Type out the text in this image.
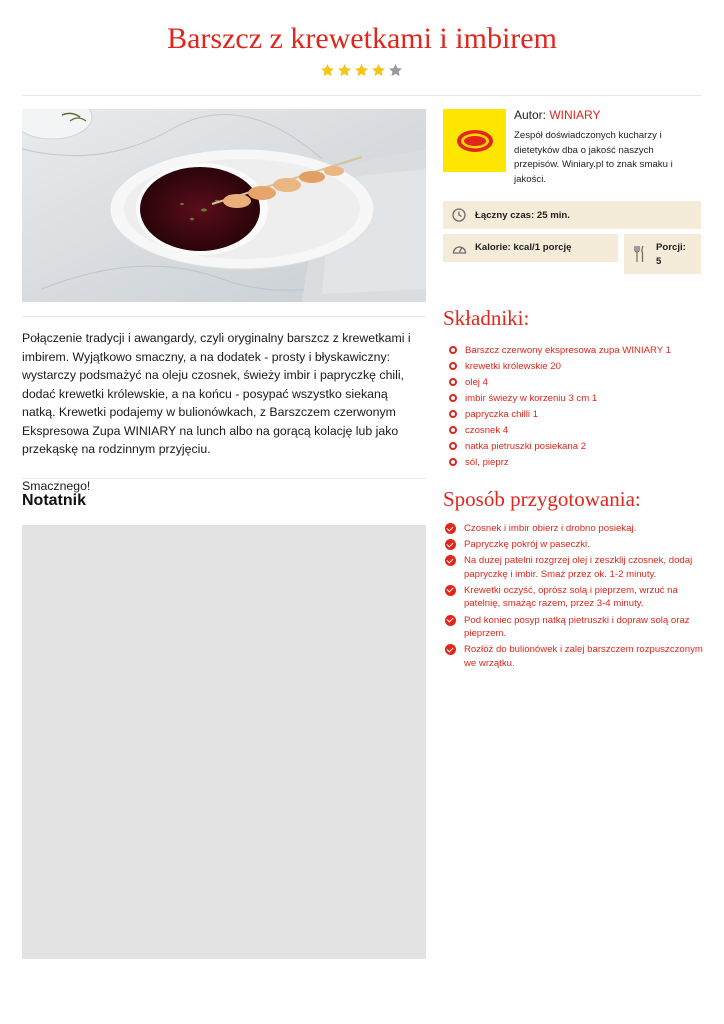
Barszcz z krewetkami i imbirem

Połączenie tradycji i awangardy, czyli oryginalny barszcz z krewetkami i imbirem. Wyjątkowo smaczny, a na dodatek - prosty i błyskawiczny: wystarczy podsmażyć na oleju czosnek, świeży imbir i papryczkę chili, dodać krewetki królewskie, a na końcu - posypać wszystko siekaną natką. Krewetki podajemy w bulionówkach, z Barszczem czerwonym Ekspresowa Zupa WINIARY na lunch albo na gorącą kolację lub jako przekąskę na rodzinnym przyjęciu.

Smacznego!

Notatnik
Autor: WINIARY
Zespół doświadczonych kucharzy i dietetyków dba o jakość naszych przepisów. Winiary.pl to znak smaku i jakości.
Łączny czas: 25 min.
Kalorie: kcal/1 porcję	Porcji:
5
Składniki:
Barszcz czerwony ekspresowa zupa WINIARY 1
krewetki królewskie 20
olej 4
imbir świeży w korzeniu 3 cm 1
papryczka chilli 1
czosnek 4
natka pietruszki posiekana 2
sól, pieprz
Sposób przygotowania:
Czosnek i imbir obierz i drobno posiekaj.
Papryczkę pokrój w paseczki.
Na dużej patelni rozgrzej olej i zeszklij czosnek, dodaj papryczkę i imbir. Smaż przez ok. 1-2 minuty.
Krewetki oczyść, oprósz solą i pieprzem, wrzuć na patelnię, smażąc razem, przez 3-4 minuty.
Pod koniec posyp natką pietruszki i dopraw solą oraz pieprzem.
Rozłóż do bulionówek i zalej barszczem rozpuszczonym we wrzątku.
